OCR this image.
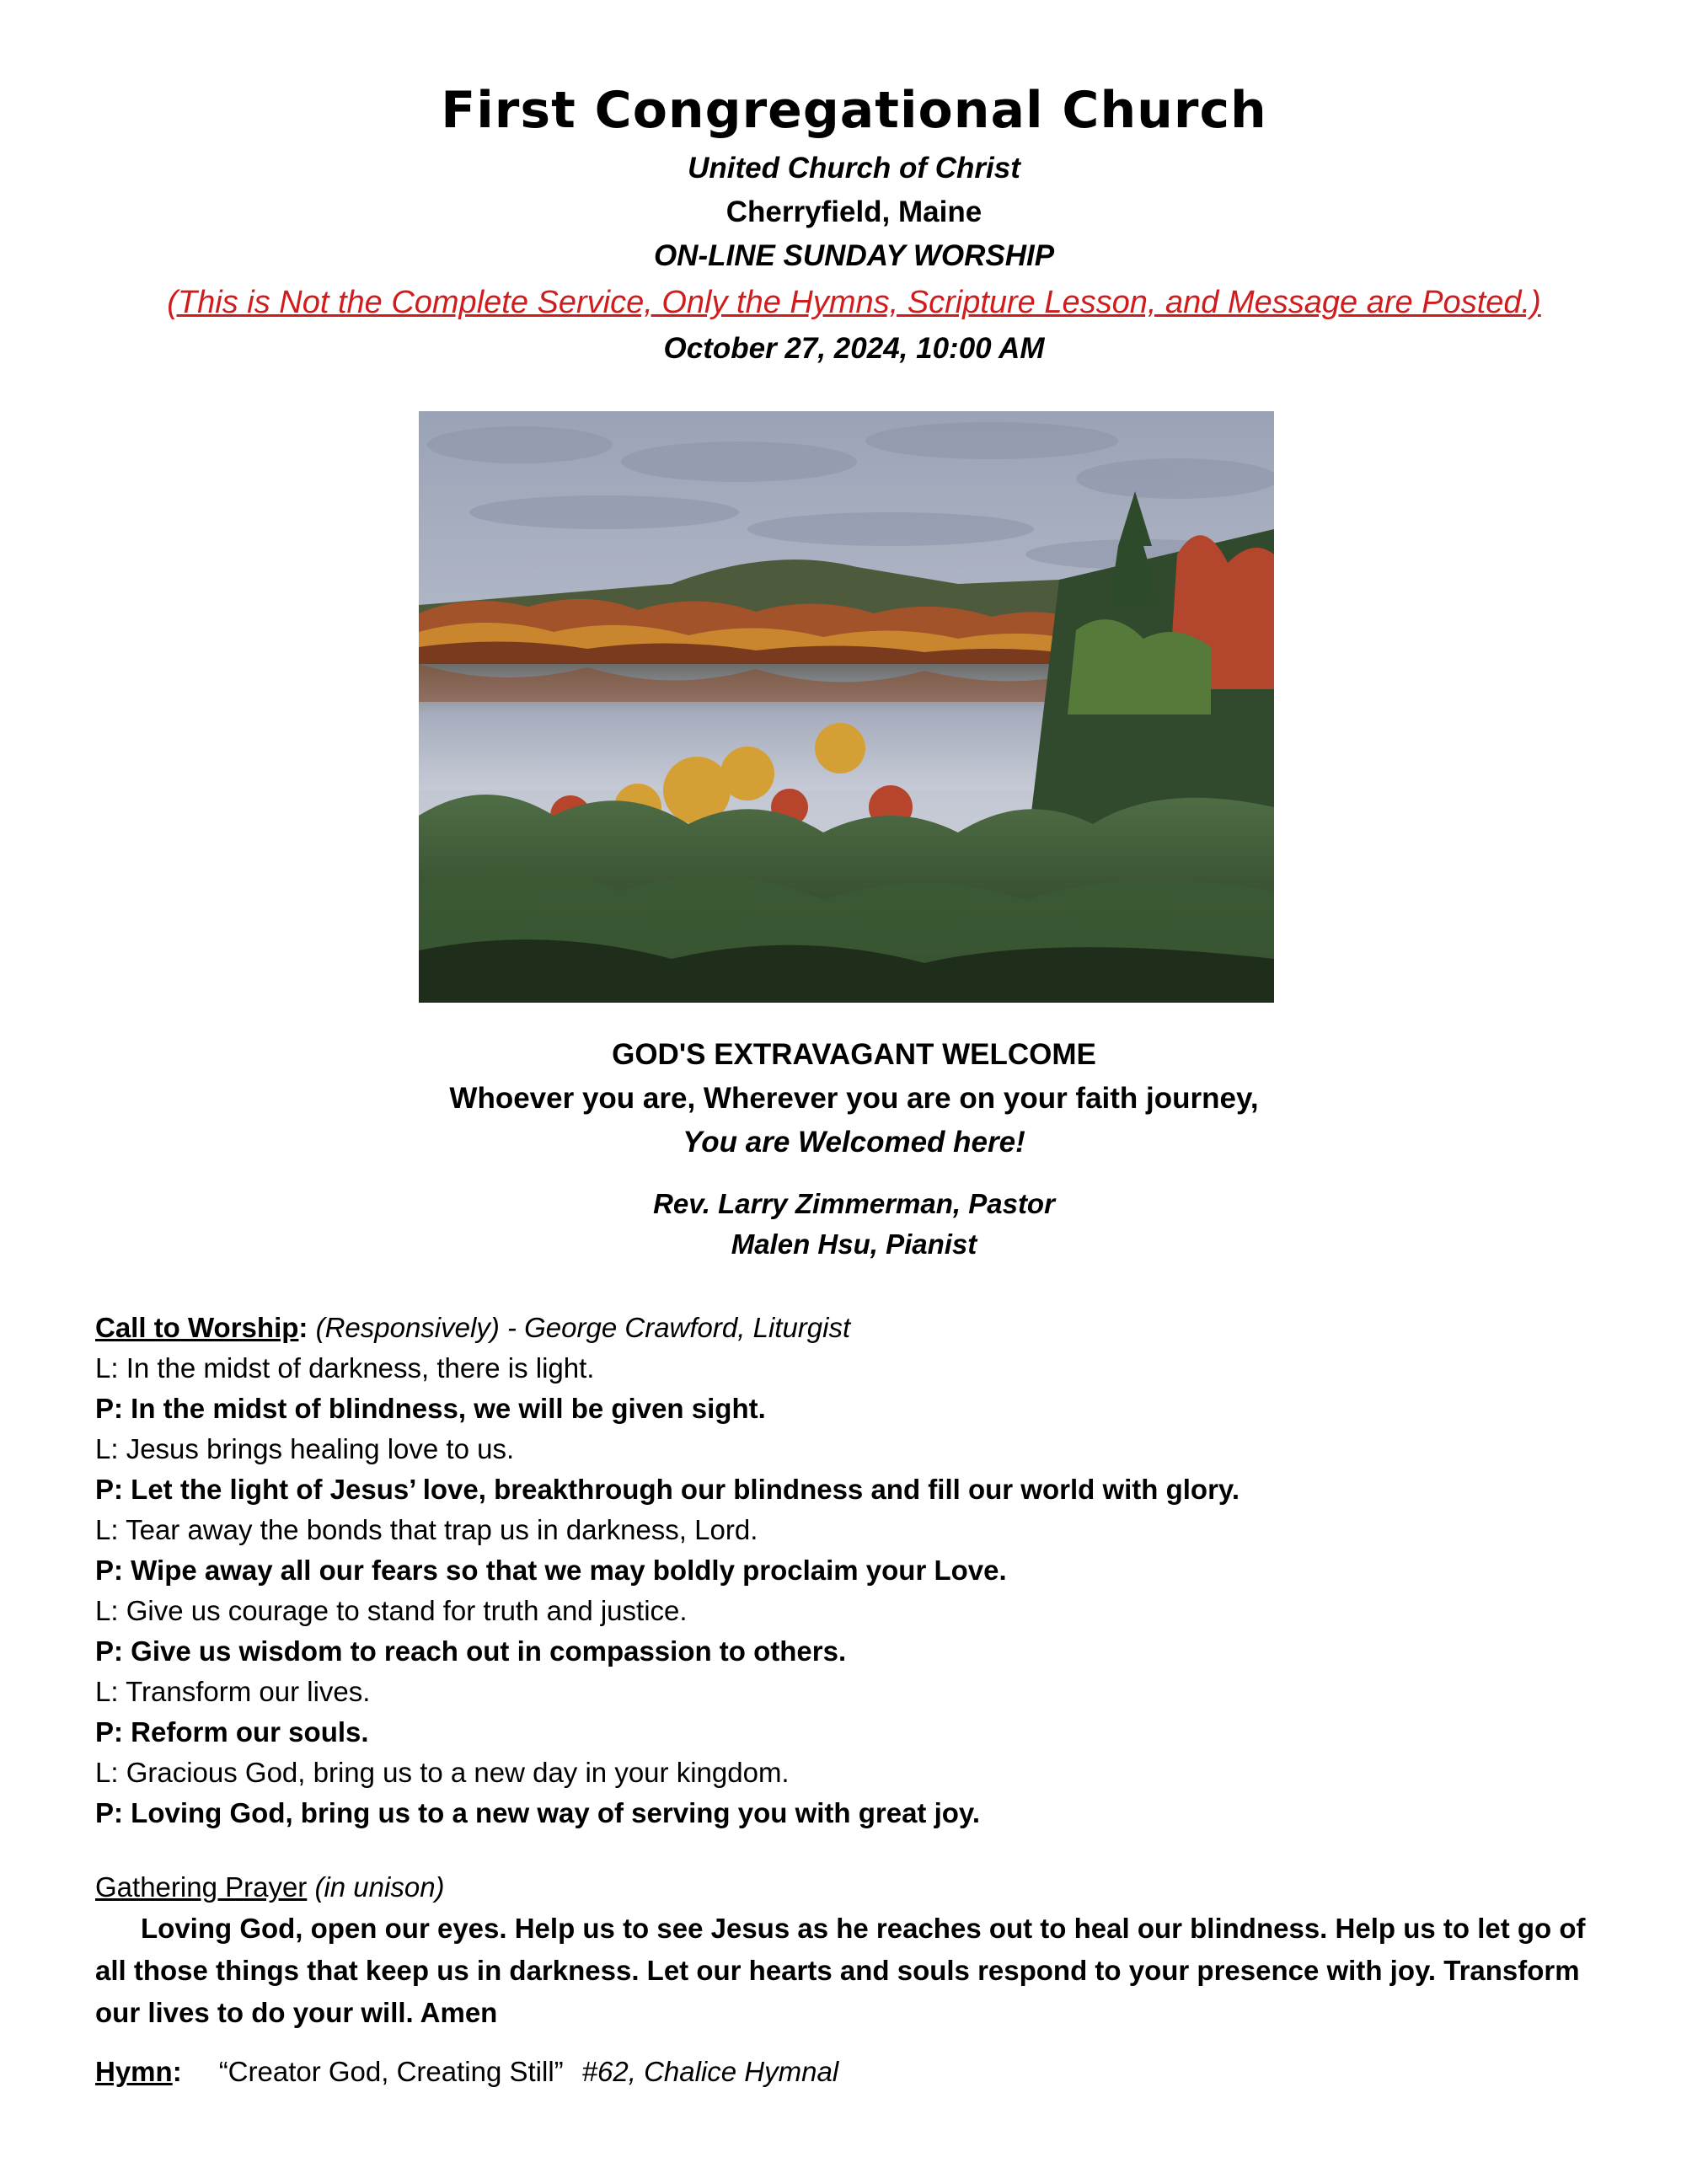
First Congregational Church
United Church of Christ
Cherryfield, Maine
ON-LINE SUNDAY WORSHIP
(This is Not the Complete Service, Only the Hymns, Scripture Lesson, and Message are Posted.)
October 27, 2024, 10:00 AM
GOD'S EXTRAVAGANT WELCOME
Whoever you are, Wherever you are on your faith journey,
You are Welcomed here!
Rev. Larry Zimmerman, Pastor
Malen Hsu, Pianist
Call to Worship: (Responsively) - George Crawford, Liturgist
L: In the midst of darkness, there is light.
P: In the midst of blindness, we will be given sight.
L: Jesus brings healing love to us.
P: Let the light of Jesus’ love, breakthrough our blindness and fill our world with glory.
L: Tear away the bonds that trap us in darkness, Lord.
P: Wipe away all our fears so that we may boldly proclaim your Love.
L: Give us courage to stand for truth and justice.
P: Give us wisdom to reach out in compassion to others.
L: Transform our lives.
P: Reform our souls.
L: Gracious God, bring us to a new day in your kingdom.
P: Loving God, bring us to a new way of serving you with great joy.
Gathering Prayer (in unison)

Loving God, open our eyes. Help us to see Jesus as he reaches out to heal our blindness. Help us to let go of all those things that keep us in darkness. Let our hearts and souls respond to your presence with joy. Transform our lives to do your will. Amen

Hymn: “Creator God, Creating Still” #62, Chalice Hymnal
